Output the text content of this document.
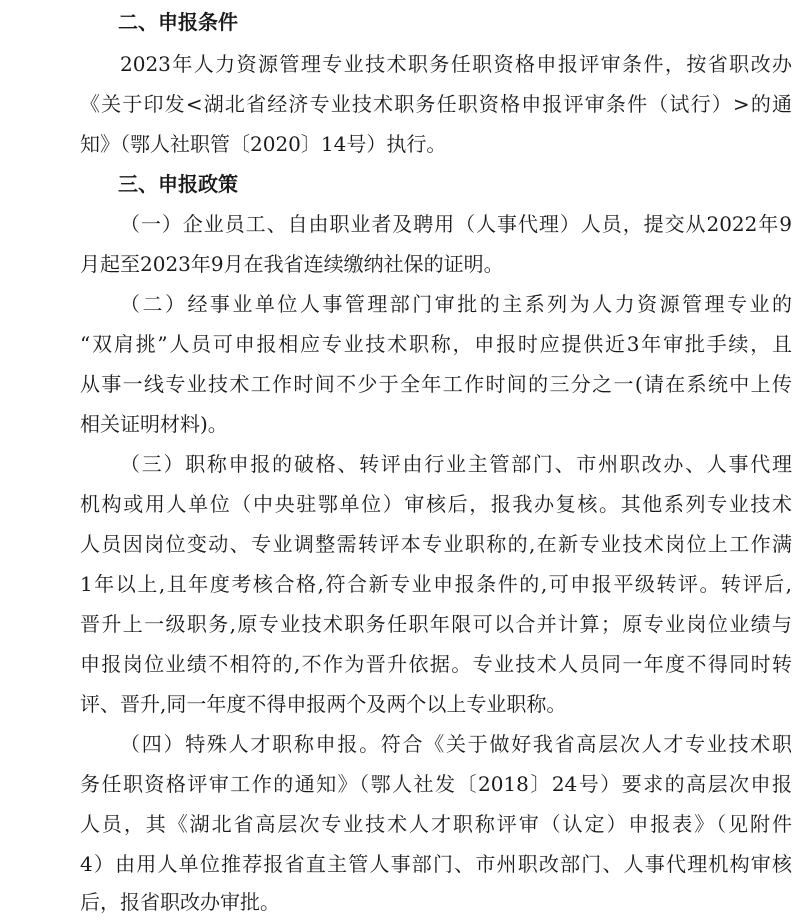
二、申报条件
2023年人力资源管理专业技术职务任职资格申报评审条件，按省职改办
《关于印发<湖北省经济专业技术职务任职资格申报评审条件（试行）>的通
知》（鄂人社职管〔2020〕14号）执行。
三、申报政策
（一）企业员工、自由职业者及聘用（人事代理）人员，提交从2022年9
月起至2023年9月在我省连续缴纳社保的证明。
（二）经事业单位人事管理部门审批的主系列为人力资源管理专业的
“双肩挑”人员可申报相应专业技术职称，申报时应提供近3年审批手续，且
从事一线专业技术工作时间不少于全年工作时间的三分之一(请在系统中上传
相关证明材料)。
（三）职称申报的破格、转评由行业主管部门、市州职改办、人事代理
机构或用人单位（中央驻鄂单位）审核后，报我办复核。其他系列专业技术
人员因岗位变动、专业调整需转评本专业职称的,在新专业技术岗位上工作满
1年以上,且年度考核合格,符合新专业申报条件的,可申报平级转评。转评后,
晋升上一级职务,原专业技术职务任职年限可以合并计算；原专业岗位业绩与
申报岗位业绩不相符的,不作为晋升依据。专业技术人员同一年度不得同时转
评、晋升,同一年度不得申报两个及两个以上专业职称。
（四）特殊人才职称申报。符合《关于做好我省高层次人才专业技术职
务任职资格评审工作的通知》（鄂人社发〔2018〕24号）要求的高层次申报
人员，其《湖北省高层次专业技术人才职称评审（认定）申报表》（见附件
4）由用人单位推荐报省直主管人事部门、市州职改部门、人事代理机构审核
后，报省职改办审批。
